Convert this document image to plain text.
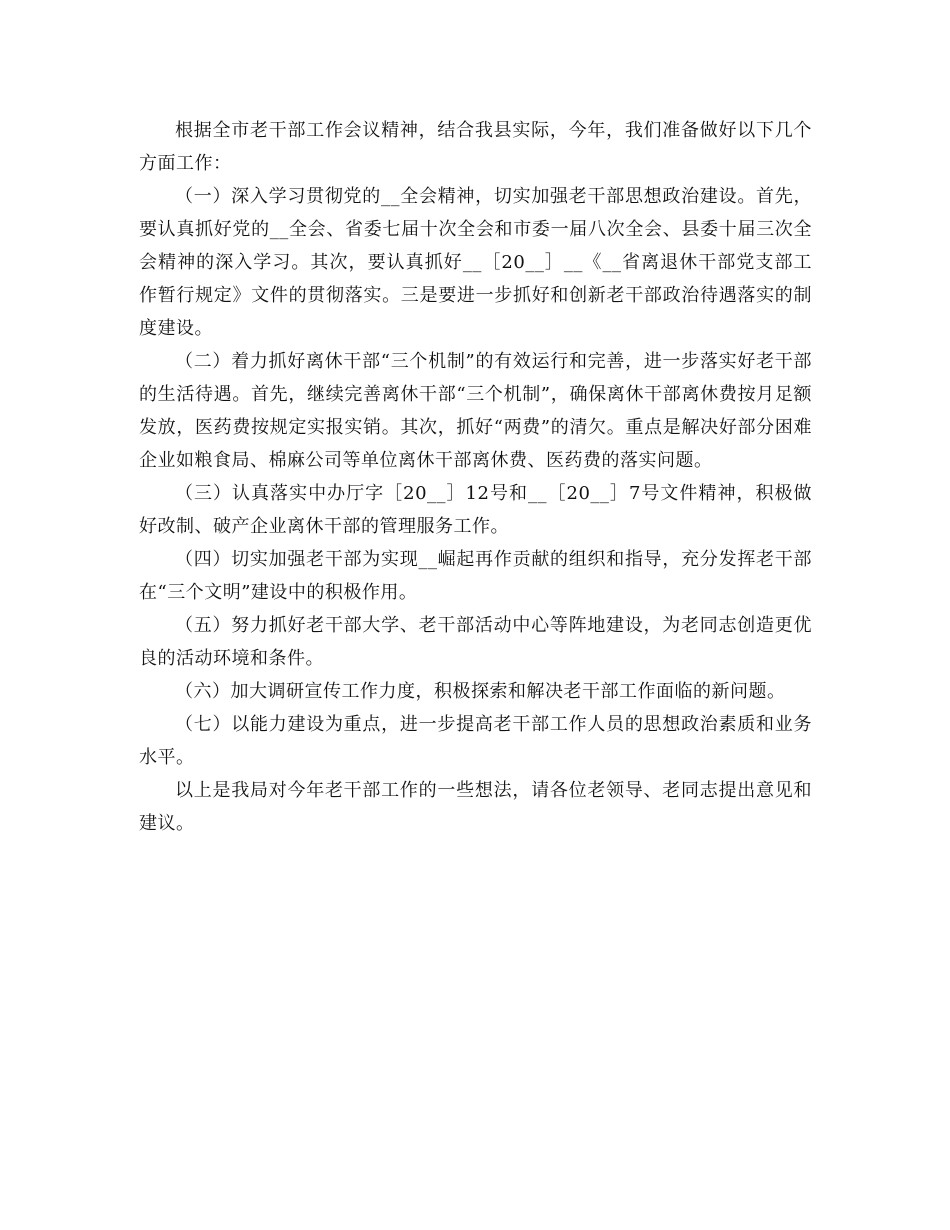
根据全市老干部工作会议精神，结合我县实际，今年，我们准备做好以下几个方面工作：

（一）深入学习贯彻党的__全会精神，切实加强老干部思想政治建设。首先，要认真抓好党的__全会、省委七届十次全会和市委一届八次全会、县委十届三次全会精神的深入学习。其次，要认真抓好__［20__］__《__省离退休干部党支部工作暂行规定》文件的贯彻落实。三是要进一步抓好和创新老干部政治待遇落实的制度建设。

（二）着力抓好离休干部“三个机制”的有效运行和完善，进一步落实好老干部的生活待遇。首先，继续完善离休干部“三个机制”，确保离休干部离休费按月足额发放，医药费按规定实报实销。其次，抓好“两费”的清欠。重点是解决好部分困难企业如粮食局、棉麻公司等单位离休干部离休费、医药费的落实问题。

（三）认真落实中办厅字［20__］12号和__［20__］7号文件精神，积极做好改制、破产企业离休干部的管理服务工作。

（四）切实加强老干部为实现__崛起再作贡献的组织和指导，充分发挥老干部在“三个文明”建设中的积极作用。

（五）努力抓好老干部大学、老干部活动中心等阵地建设，为老同志创造更优良的活动环境和条件。

（六）加大调研宣传工作力度，积极探索和解决老干部工作面临的新问题。

（七）以能力建设为重点，进一步提高老干部工作人员的思想政治素质和业务水平。

以上是我局对今年老干部工作的一些想法，请各位老领导、老同志提出意见和建议。
